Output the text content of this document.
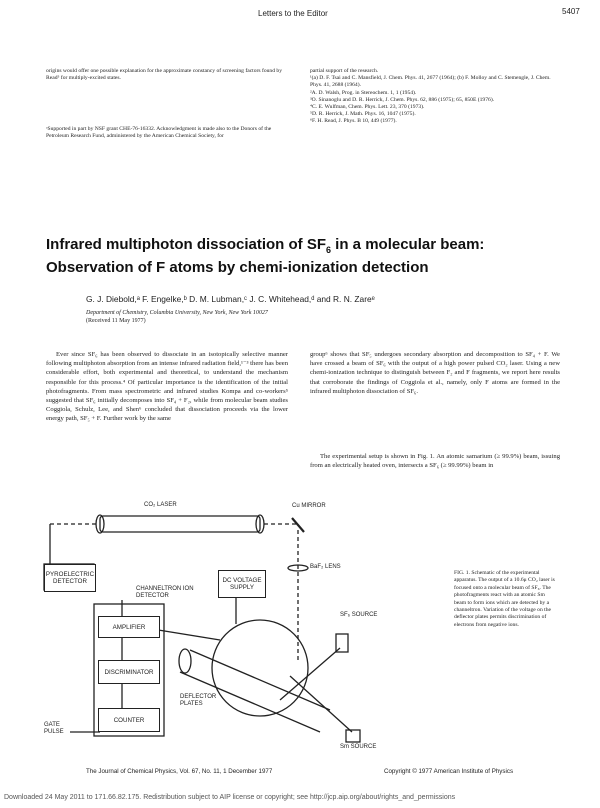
Letters to the Editor	5407
origins would offer one possible explanation for the approximate constancy of screening factors found by Read⁵ for multiply-excited states.
ᵃSupported in part by NSF grant CHE-76-16332. Acknowledgment is made also to the Donors of the Petroleum Research Fund, administered by the American Chemical Society, for

partial support of the research.

¹(a) D. F. Tsai and C. Mansfield, J. Chem. Phys. 41, 2677 (1964); (b) F. Molloy and C. Stemengle, J. Chem. Phys. 41, 2688 (1964).

²A. D. Walsh, Prog. in Stereochem. 1, 1 (1954).

³O. Sinanoglu and D. R. Herrick, J. Chem. Phys. 62, 886 (1975); 65, 850E (1976).

⁴C. E. Wulfman, Chem. Phys. Lett. 23, 370 (1973).

⁵D. R. Herrick, J. Math. Phys. 16, 1047 (1975).

⁶F. H. Read, J. Phys. B 10, 449 (1977).

Infrared multiphoton dissociation of $SF_6$ in a molecular beam: Observation of F atoms by chemi-ionization detection
G. J. Diebold,ᵃ F. Engelke,ᵇ D. M. Lubman,ᶜ J. C. Whitehead,ᵈ and R. N. Zareᵉ
Department of Chemistry, Columbia University, New York, New York 10027
(Received 11 May 1977)
Ever since SF₆ has been observed to dissociate in an isotopically selective manner following multiphoton absorption from an intense infrared radiation field,¹⁻³ there has been considerable effort, both experimental and theoretical, to understand the mechanism responsible for this process.⁴ Of particular importance is the identification of the initial photofragments. From mass spectrometric and infrared studies Kompa and co-workers⁵ suggested that SF₆ initially decomposes into SF₄ + F₂, while from molecular beam studies Coggiola, Schulz, Lee, and Shen⁶ concluded that dissociation proceeds via the lower energy path, SF₅ + F. Further work by the same
group⁶ shows that SF₅ undergoes secondary absorption and decomposition to SF₄ + F. We have crossed a beam of SF₆ with the output of a high power pulsed CO₂ laser. Using a new chemi-ionization technique to distinguish between F₂ and F fragments, we report here results that corroborate the findings of Coggiola et al., namely, only F atoms are formed in the infrared multiphoton dissociation of SF₆.
The experimental setup is shown in Fig. 1. An atomic samarium (≥ 99.9%) beam, issuing from an electrically heated oven, intersects a SF₆ (≥ 99.99%) beam in
CO₂ LASER	Cu MIRROR
BaF₂ LENS
PYROELECTRIC DETECTOR
CHANNELTRON ION DETECTOR
DC VOLTAGE SUPPLY
AMPLIFIER
DISCRIMINATOR
COUNTER
GATE PULSE
DEFLECTOR PLATES
SF₆ SOURCE
Sm SOURCE
FIG. 1. Schematic of the experimental apparatus. The output of a 10.6μ CO₂ laser is focused onto a molecular beam of SF₆. The photofragments react with an atomic Sm beam to form ions which are detected by a channeltron. Variation of the voltage on the deflector plates permits discrimination of electrons from negative ions.
The Journal of Chemical Physics, Vol. 67, No. 11, 1 December 1977	Copyright © 1977 American Institute of Physics
Downloaded 24 May 2011 to 171.66.82.175. Redistribution subject to AIP license or copyright; see http://jcp.aip.org/about/rights_and_permissions
